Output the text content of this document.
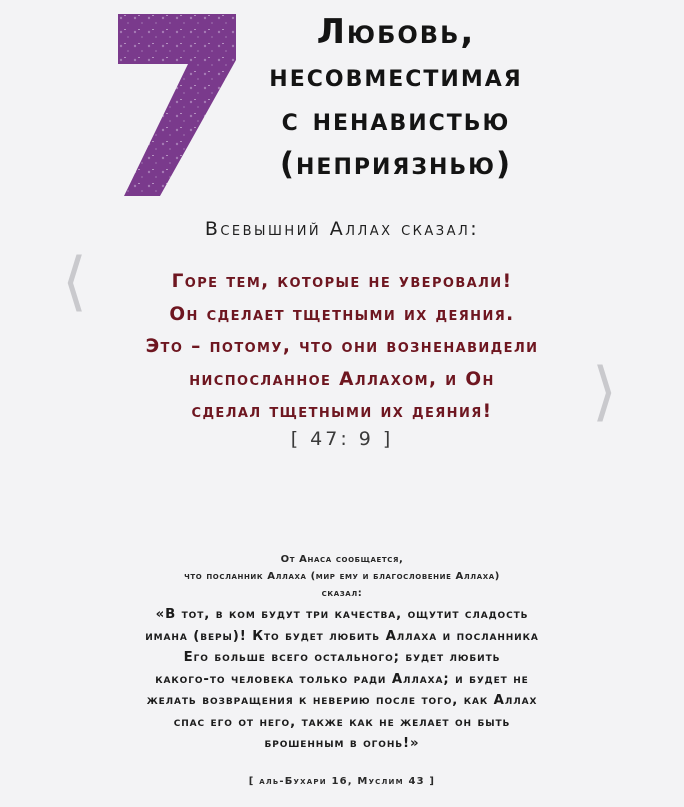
Любовь,
несовместимая
с ненавистью
(неприязнью)
Всевышний Аллах сказал:
⟨
⟩
Горе тем, которые не уверовали!
Он сделает тщетными их деяния.
Это – потому, что они возненавидели
ниспосланное Аллахом, и Он
сделал тщетными их деяния!
[ 47: 9 ]
От Анаса сообщается,
что посланник Аллаха (мир ему и благословение Аллаха)
сказал:
«В тот, в ком будут три качества, ощутит сладость
имана (веры)! Кто будет любить Аллаха и посланника
Его больше всего остального; будет любить
какого-то человека только ради Аллаха; и будет не
желать возвращения к неверию после того, как Аллах
спас его от него, также как не желает он быть
брошенным в огонь!»
[ аль-Бухари 16, Муслим 43 ]
